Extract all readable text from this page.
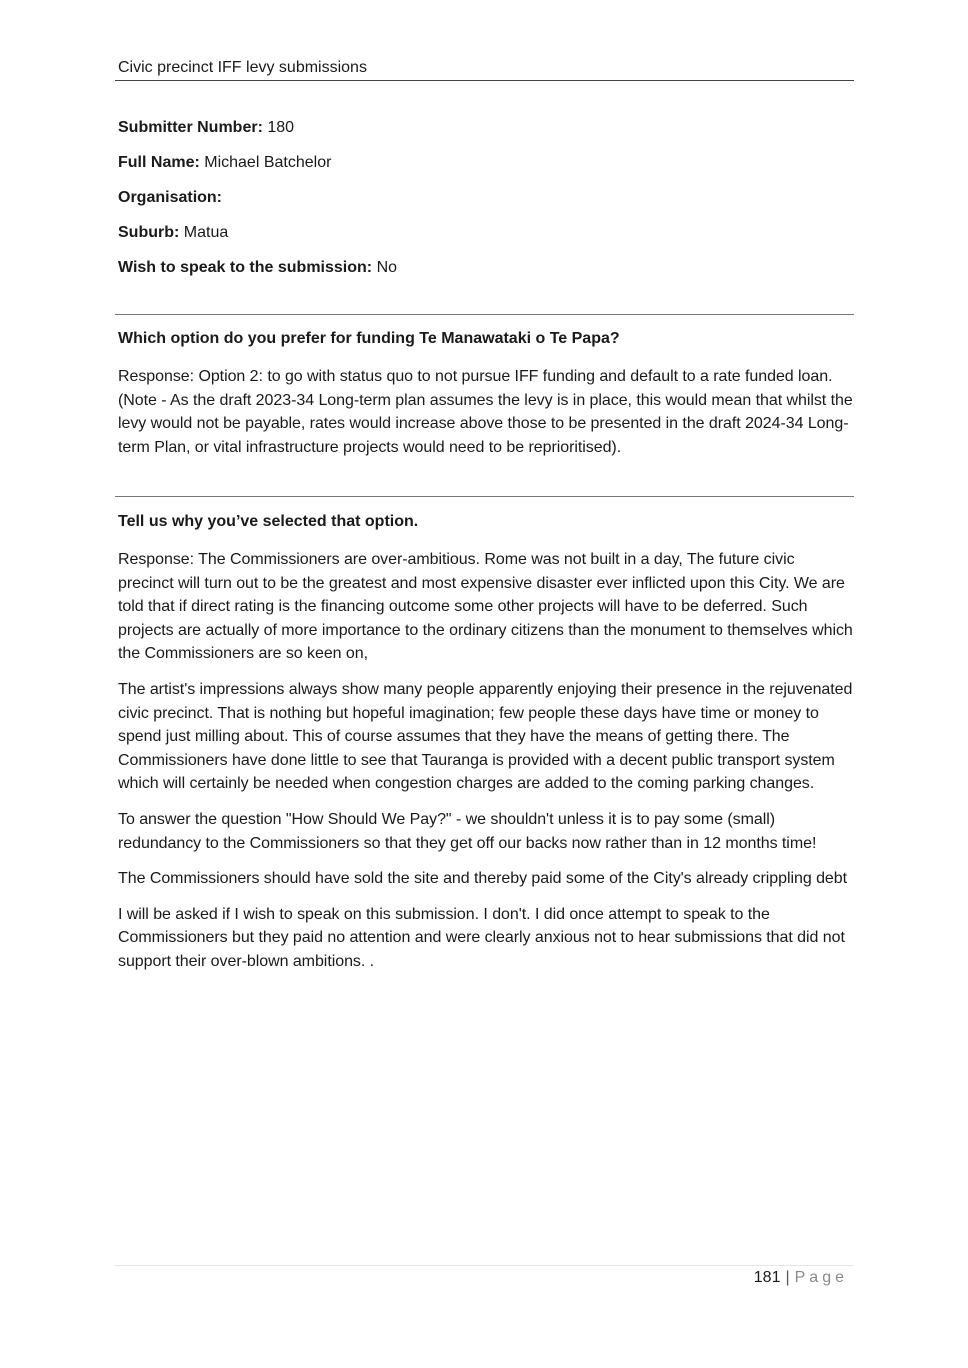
Civic precinct IFF levy submissions
Submitter Number: 180
Full Name: Michael Batchelor
Organisation:
Suburb: Matua
Wish to speak to the submission: No
Which option do you prefer for funding Te Manawataki o Te Papa?
Response: Option 2: to go with status quo to not pursue IFF funding and default to a rate funded loan. (Note - As the draft 2023-34 Long-term plan assumes the levy is in place, this would mean that whilst the levy would not be payable, rates would increase above those to be presented in the draft 2024-34 Long-term Plan, or vital infrastructure projects would need to be reprioritised).
Tell us why you’ve selected that option.
Response: The Commissioners are over-ambitious. Rome was not built in a day, The future civic precinct will turn out to be the greatest and most expensive disaster ever inflicted upon this City. We are told that if direct rating is the financing outcome some other projects will have to be deferred. Such projects are actually of more importance to the ordinary citizens than the monument to themselves which the Commissioners are so keen on,
The artist's impressions always show many people apparently enjoying their presence in the rejuvenated civic precinct. That is nothing but hopeful imagination; few people these days have time or money to spend just milling about. This of course assumes that they have the means of getting there. The Commissioners have done little to see that Tauranga is provided with a decent public transport system which will certainly be needed when congestion charges are added to the coming parking changes.
To answer the question "How Should We Pay?" - we shouldn't unless it is to pay some (small) redundancy to the Commissioners so that they get off our backs now rather than in 12 months time!
The Commissioners should have sold the site and thereby paid some of the City's already crippling debt
I will be asked if I wish to speak on this submission. I don't. I did once attempt to speak to the Commissioners but they paid no attention and were clearly anxious not to hear submissions that did not support their over-blown ambitions. .
181 | Page
